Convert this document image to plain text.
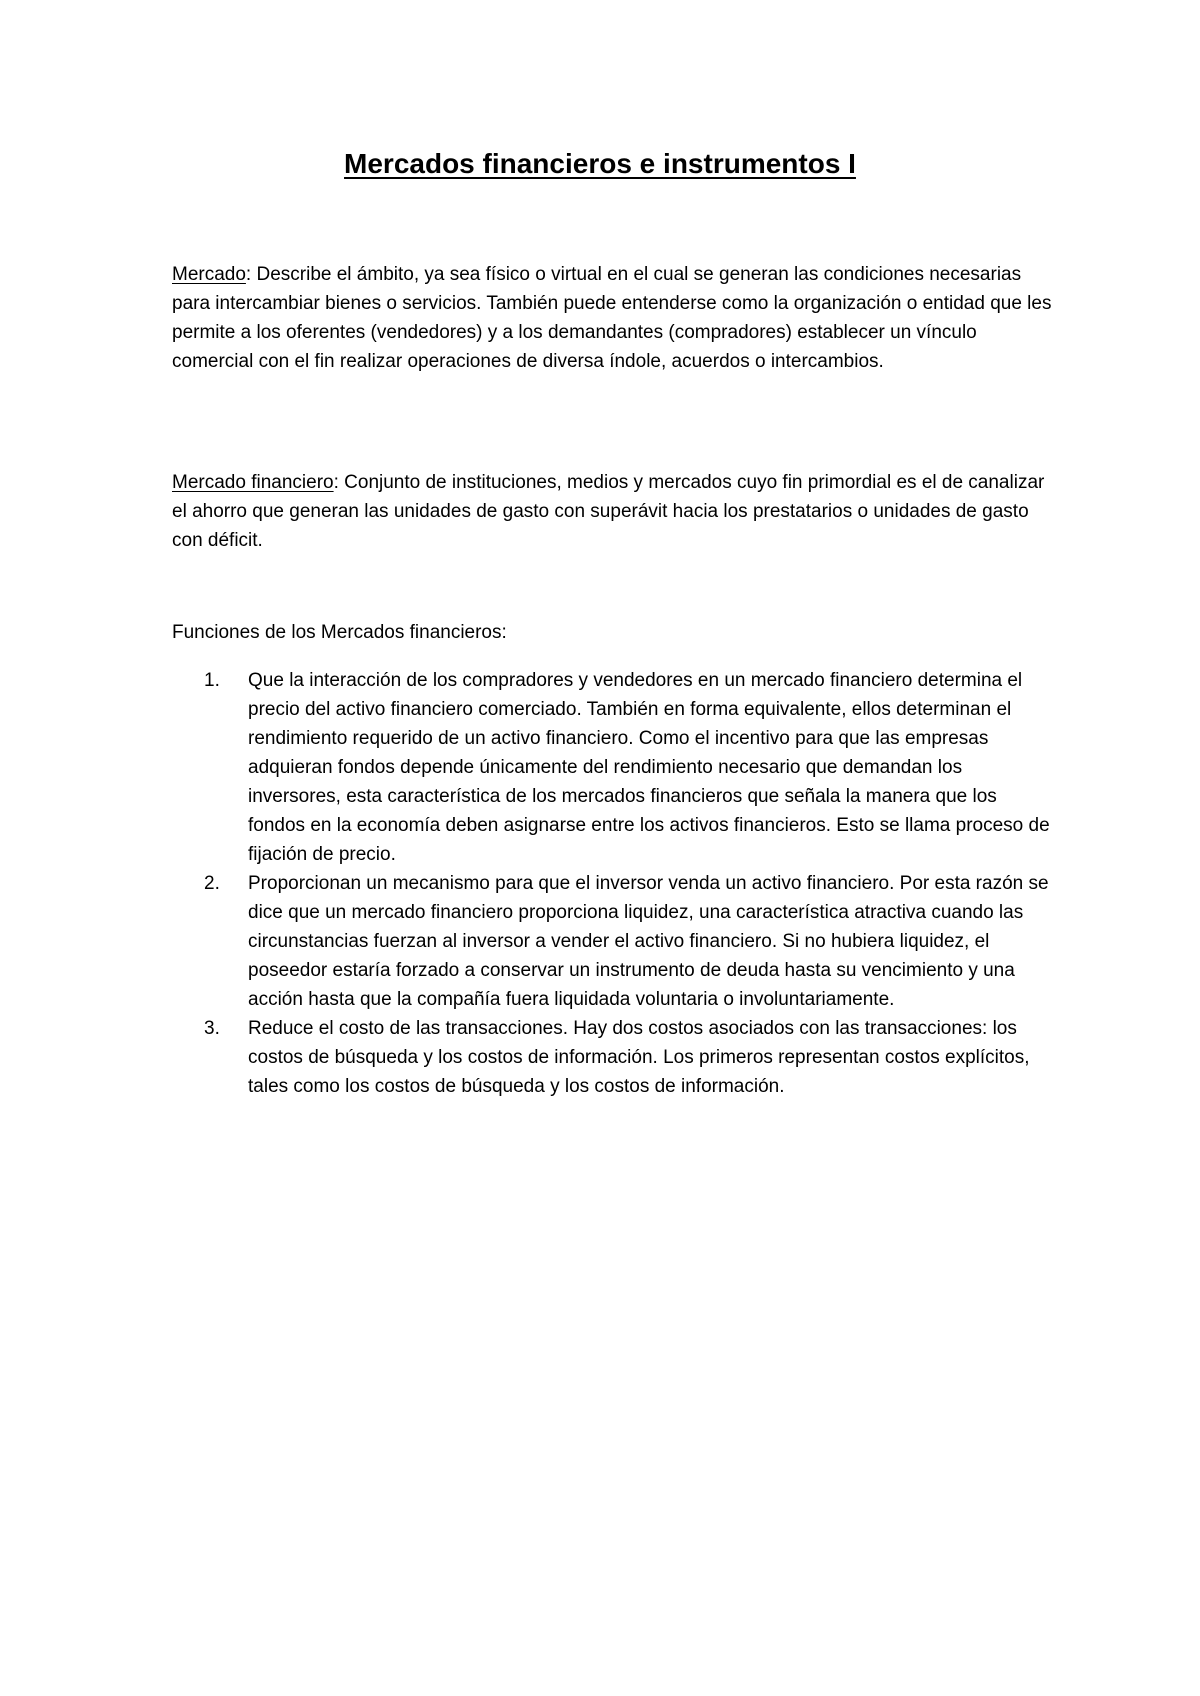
Mercados financieros e instrumentos I

Mercado: Describe el ámbito, ya sea físico o virtual en el cual se generan las condiciones necesarias para intercambiar bienes o servicios. También puede entenderse como la organización o entidad que les permite a los oferentes (vendedores) y a los demandantes (compradores) establecer un vínculo comercial con el fin realizar operaciones de diversa índole, acuerdos o intercambios.

Mercado financiero: Conjunto de instituciones, medios y mercados cuyo fin primordial es el de canalizar el ahorro que generan las unidades de gasto con superávit hacia los prestatarios o unidades de gasto con déficit.

Funciones de los Mercados financieros:

1. Que la interacción de los compradores y vendedores en un mercado financiero determina el precio del activo financiero comerciado. También en forma equivalente, ellos determinan el rendimiento requerido de un activo financiero. Como el incentivo para que las empresas adquieran fondos depende únicamente del rendimiento necesario que demandan los inversores, esta característica de los mercados financieros que señala la manera que los fondos en la economía deben asignarse entre los activos financieros. Esto se llama proceso de fijación de precio.
2. Proporcionan un mecanismo para que el inversor venda un activo financiero. Por esta razón se dice que un mercado financiero proporciona liquidez, una característica atractiva cuando las circunstancias fuerzan al inversor a vender el activo financiero. Si no hubiera liquidez, el poseedor estaría forzado a conservar un instrumento de deuda hasta su vencimiento y una acción hasta que la compañía fuera liquidada voluntaria o involuntariamente.
3. Reduce el costo de las transacciones. Hay dos costos asociados con las transacciones: los costos de búsqueda y los costos de información. Los primeros representan costos explícitos, tales como los costos de búsqueda y los costos de información.
